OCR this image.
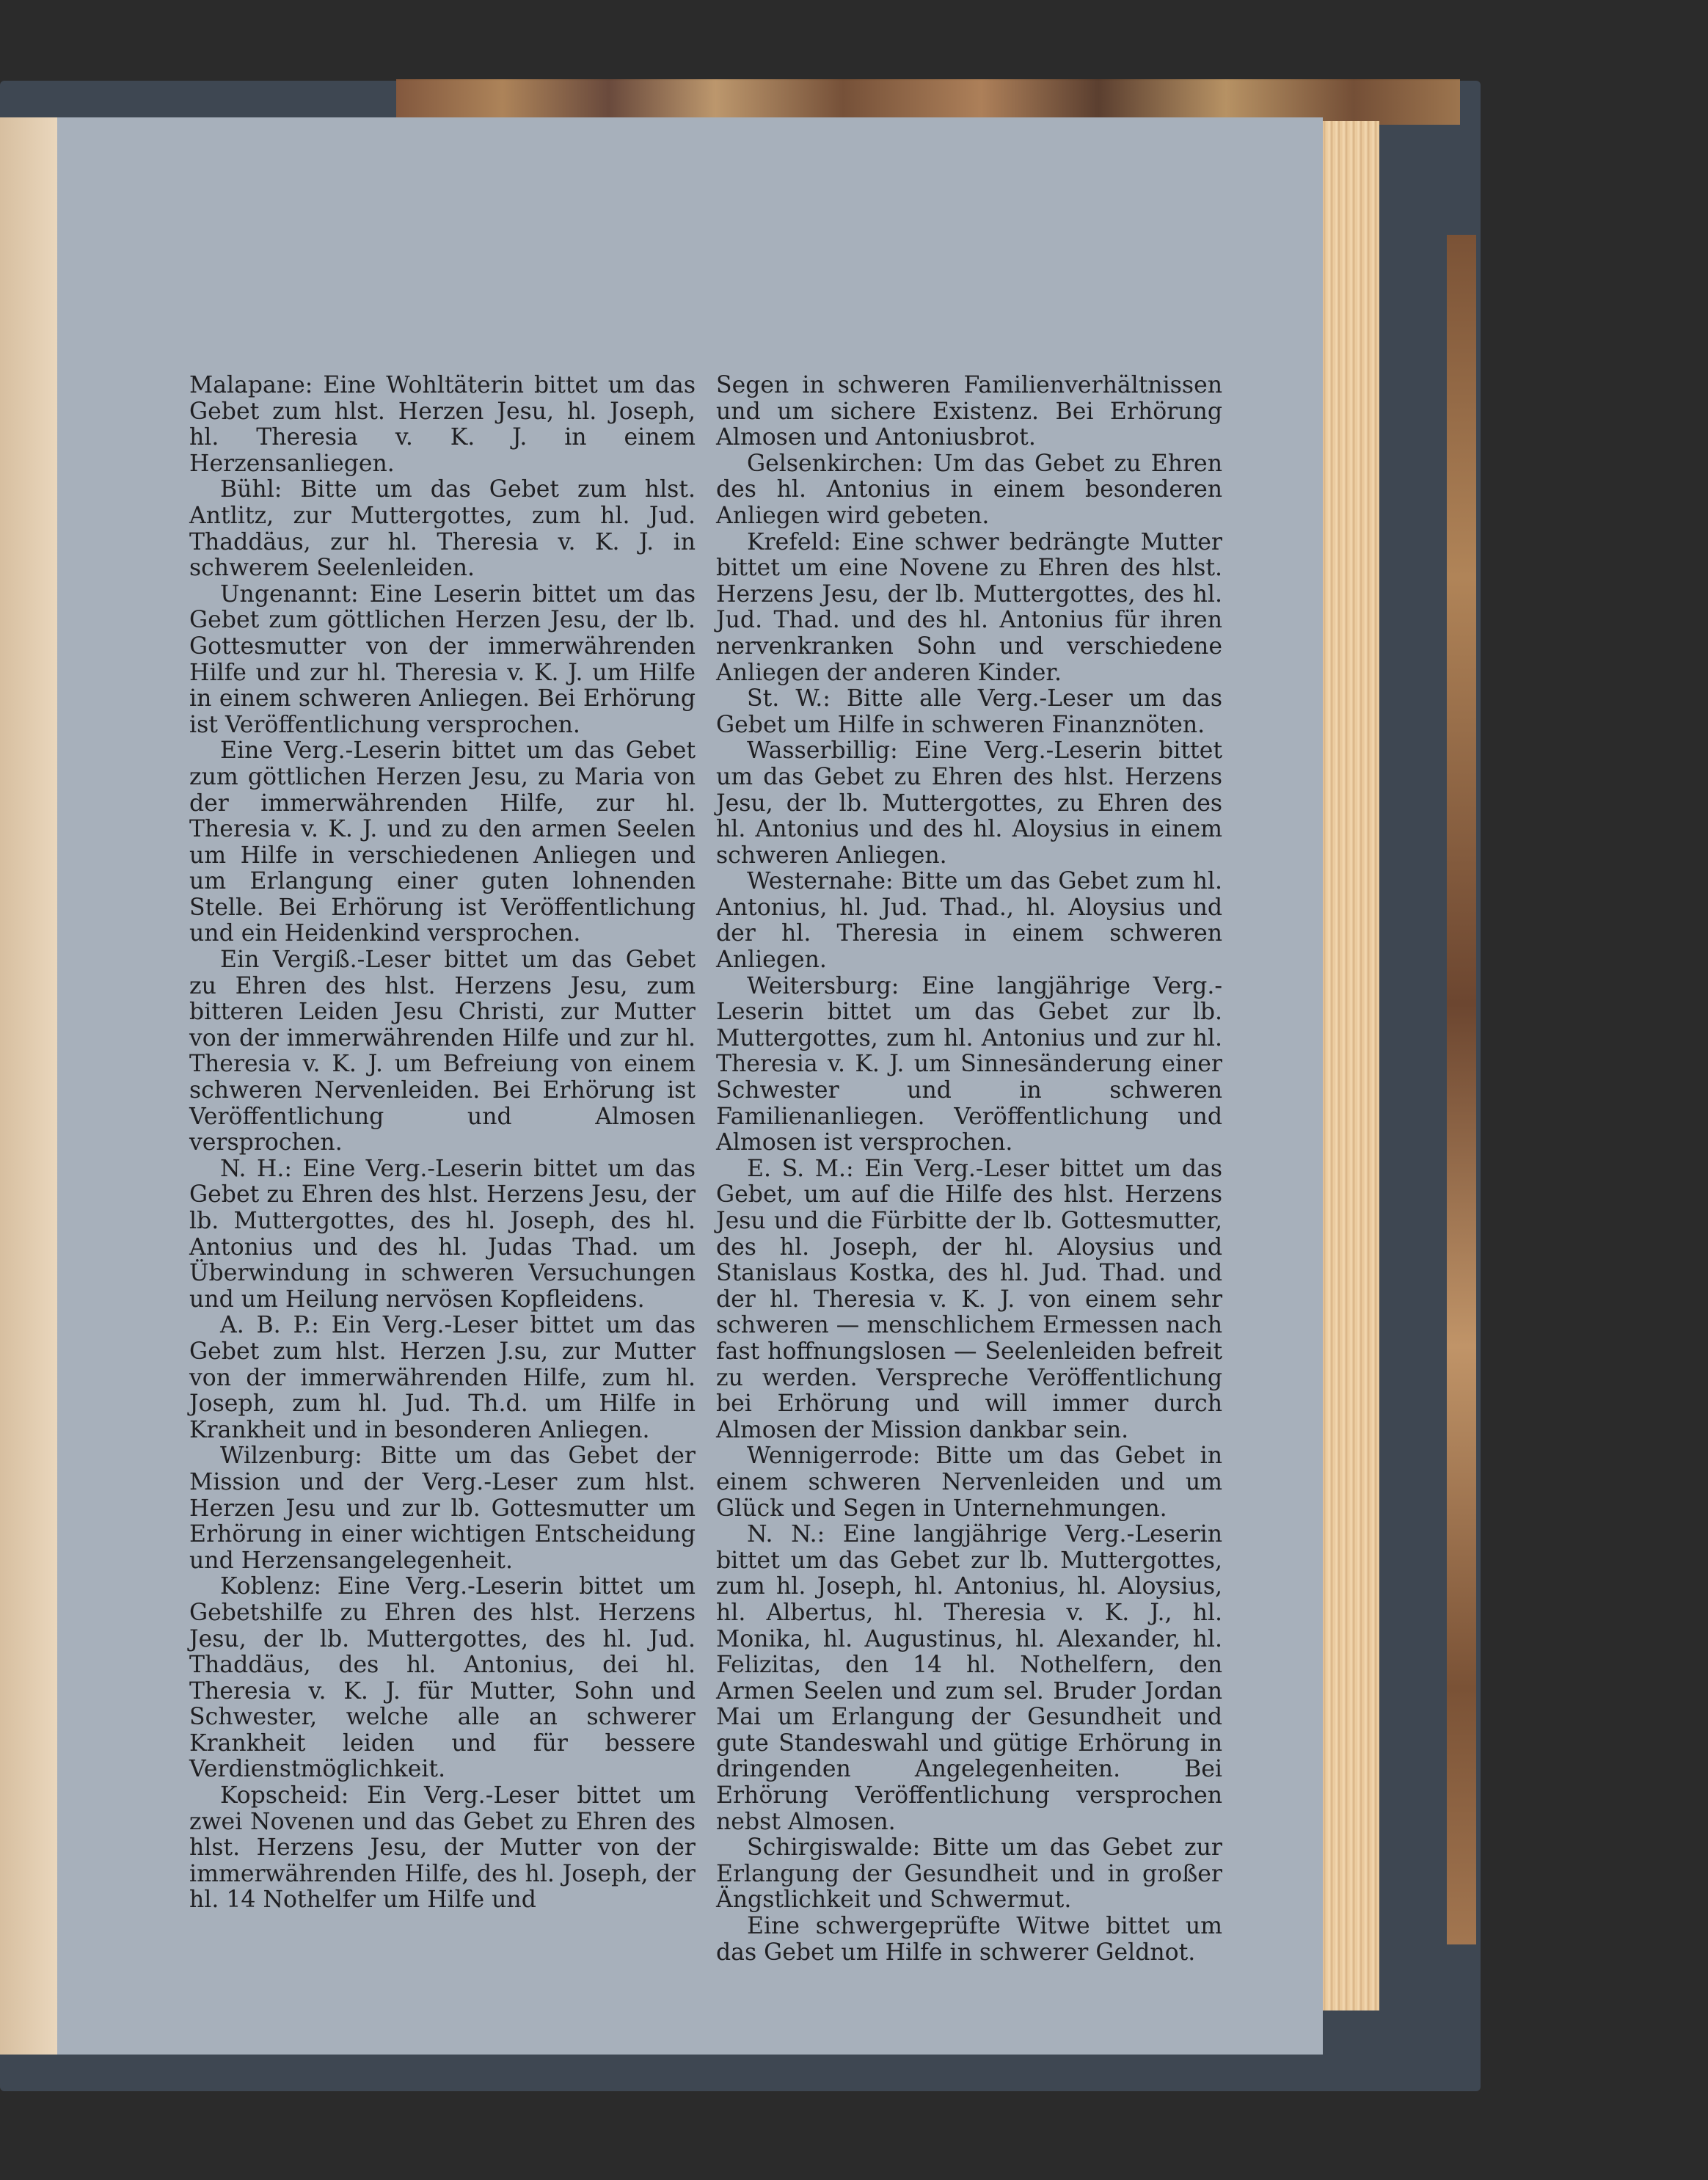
Malapane: Eine Wohltäterin bittet um das Gebet zum hlst. Herzen Jesu, hl. Joseph, hl. Theresia v. K. J. in einem Herzensanliegen.

Bühl: Bitte um das Gebet zum hlst. Antlitz, zur Muttergottes, zum hl. Jud. Thaddäus, zur hl. Theresia v. K. J. in schwerem Seelenleiden.

Ungenannt: Eine Leserin bittet um das Gebet zum göttlichen Herzen Jesu, der lb. Gottesmutter von der immerwährenden Hilfe und zur hl. Theresia v. K. J. um Hilfe in einem schweren Anliegen. Bei Erhörung ist Veröffentlichung versprochen.

Eine Verg.-Leserin bittet um das Gebet zum göttlichen Herzen Jesu, zu Maria von der immerwährenden Hilfe, zur hl. Theresia v. K. J. und zu den armen Seelen um Hilfe in verschiedenen Anliegen und um Erlangung einer guten lohnenden Stelle. Bei Erhörung ist Veröffentlichung und ein Heidenkind versprochen.

Ein Vergiß.-Leser bittet um das Gebet zu Ehren des hlst. Herzens Jesu, zum bitteren Leiden Jesu Christi, zur Mutter von der immerwährenden Hilfe und zur hl. Theresia v. K. J. um Befreiung von einem schweren Nervenleiden. Bei Erhörung ist Veröffentlichung und Almosen versprochen.

N. H.: Eine Verg.-Leserin bittet um das Gebet zu Ehren des hlst. Herzens Jesu, der lb. Muttergottes, des hl. Joseph, des hl. Antonius und des hl. Judas Thad. um Überwindung in schweren Versuchungen und um Heilung nervösen Kopfleidens.

A. B. P.: Ein Verg.-Leser bittet um das Gebet zum hlst. Herzen J.su, zur Mutter von der immerwährenden Hilfe, zum hl. Joseph, zum hl. Jud. Th.d. um Hilfe in Krankheit und in besonderen Anliegen.

Wilzenburg: Bitte um das Gebet der Mission und der Verg.-Leser zum hlst. Herzen Jesu und zur lb. Gottesmutter um Erhörung in einer wichtigen Entscheidung und Herzensangelegenheit.

Koblenz: Eine Verg.-Leserin bittet um Gebetshilfe zu Ehren des hlst. Herzens Jesu, der lb. Muttergottes, des hl. Jud. Thaddäus, des hl. Antonius, dei hl. Theresia v. K. J. für Mutter, Sohn und Schwester, welche alle an schwerer Krankheit leiden und für bessere Verdienstmöglichkeit.

Kopscheid: Ein Verg.-Leser bittet um zwei Novenen und das Gebet zu Ehren des hlst. Herzens Jesu, der Mutter von der immerwährenden Hilfe, des hl. Joseph, der hl. 14 Nothelfer um Hilfe und

Segen in schweren Familienverhältnissen und um sichere Existenz. Bei Erhörung Almosen und Antoniusbrot.

Gelsenkirchen: Um das Gebet zu Ehren des hl. Antonius in einem besonderen Anliegen wird gebeten.

Krefeld: Eine schwer bedrängte Mutter bittet um eine Novene zu Ehren des hlst. Herzens Jesu, der lb. Muttergottes, des hl. Jud. Thad. und des hl. Antonius für ihren nervenkranken Sohn und verschiedene Anliegen der anderen Kinder.

St. W.: Bitte alle Verg.-Leser um das Gebet um Hilfe in schweren Finanznöten.

Wasserbillig: Eine Verg.-Leserin bittet um das Gebet zu Ehren des hlst. Herzens Jesu, der lb. Muttergottes, zu Ehren des hl. Antonius und des hl. Aloysius in einem schweren Anliegen.

Westernahe: Bitte um das Gebet zum hl. Antonius, hl. Jud. Thad., hl. Aloysius und der hl. Theresia in einem schweren Anliegen.

Weitersburg: Eine langjährige Verg.-Leserin bittet um das Gebet zur lb. Muttergottes, zum hl. Antonius und zur hl. Theresia v. K. J. um Sinnesänderung einer Schwester und in schweren Familienanliegen. Veröffentlichung und Almosen ist versprochen.

E. S. M.: Ein Verg.-Leser bittet um das Gebet, um auf die Hilfe des hlst. Herzens Jesu und die Fürbitte der lb. Gottesmutter, des hl. Joseph, der hl. Aloysius und Stanislaus Kostka, des hl. Jud. Thad. und der hl. Theresia v. K. J. von einem sehr schweren — menschlichem Ermessen nach fast hoffnungslosen — Seelenleiden befreit zu werden. Verspreche Veröffentlichung bei Erhörung und will immer durch Almosen der Mission dankbar sein.

Wennigerrode: Bitte um das Gebet in einem schweren Nervenleiden und um Glück und Segen in Unternehmungen.

N. N.: Eine langjährige Verg.-Leserin bittet um das Gebet zur lb. Muttergottes, zum hl. Joseph, hl. Antonius, hl. Aloysius, hl. Albertus, hl. Theresia v. K. J., hl. Monika, hl. Augustinus, hl. Alexander, hl. Felizitas, den 14 hl. Nothelfern, den Armen Seelen und zum sel. Bruder Jordan Mai um Erlangung der Gesundheit und gute Standeswahl und gütige Erhörung in dringenden Angelegenheiten. Bei Erhörung Veröffentlichung versprochen nebst Almosen.

Schirgiswalde: Bitte um das Gebet zur Erlangung der Gesundheit und in großer Ängstlichkeit und Schwermut.

Eine schwergeprüfte Witwe bittet um das Gebet um Hilfe in schwerer Geldnot.
